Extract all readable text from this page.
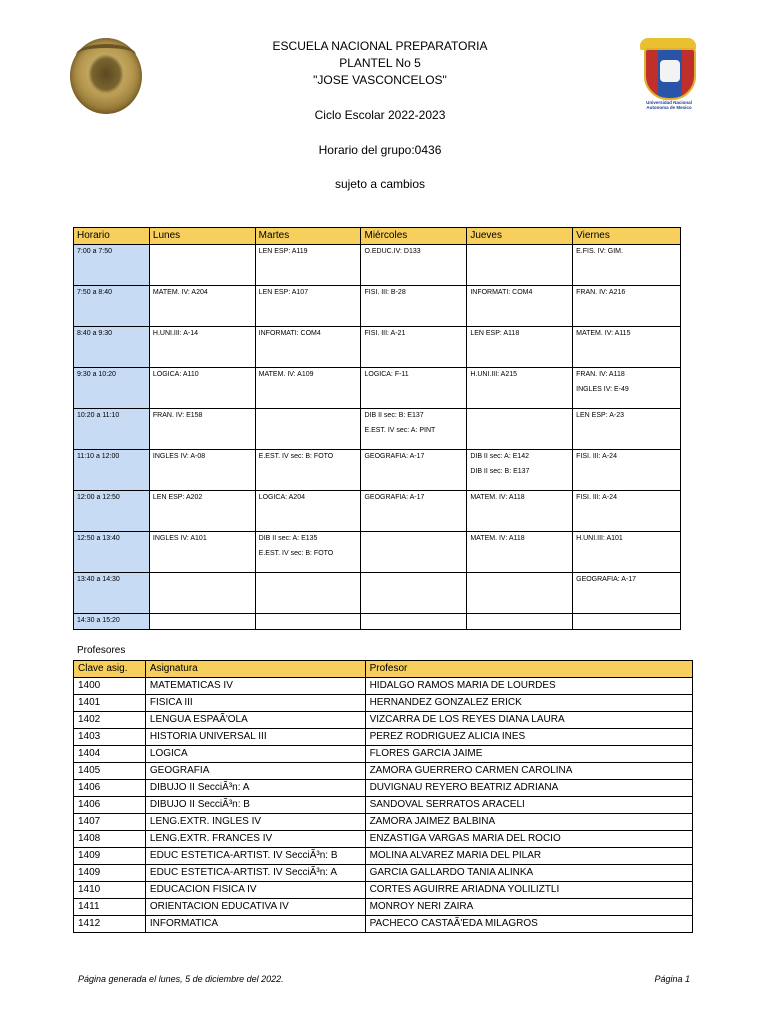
Universidad Nacional Autonoma de Mexico
ESCUELA NACIONAL PREPARATORIA
PLANTEL No 5
"JOSE VASCONCELOS"
Ciclo Escolar 2022-2023
Horario del grupo:0436
sujeto a cambios
Horario	Lunes	Martes	Miércoles	Jueves	Viernes

7:00 a 7:50		LEN ESP: A119	O.EDUC.IV: D133		E.FIS. IV: GIM.

7:50 a 8:40	MATEM. IV: A204	LEN ESP: A107	FISI. III: B-28	INFORMATI: COM4	FRAN. IV: A216

8:40 a 9:30	H.UNI.III: A-14	INFORMATI: COM4	FISI. III: A-21	LEN ESP: A118	MATEM. IV: A115

9:30 a 10:20	LOGICA: A110	MATEM. IV: A109	LOGICA: F-11	H.UNI.III: A215	FRAN. IV: A118
INGLES IV: E-49

10:20 a 11:10	FRAN. IV: E158		DIB II sec: B: E137
E.EST. IV sec: A: PINT		LEN ESP: A-23

11:10 a 12:00	INGLES IV: A-08	E.EST. IV sec: B: FOTO	GEOGRAFIA: A-17	DIB II sec: A: E142
DIB II sec: B: E137	FISI. III: A-24

12:00 a 12:50	LEN ESP: A202	LOGICA: A204	GEOGRAFIA: A-17	MATEM. IV: A118	FISI. III: A-24

12:50 a 13:40	INGLES IV: A101	DIB II sec: A: E135
E.EST. IV sec: B: FOTO		MATEM. IV: A118	H.UNI.III: A101

13:40 a 14:30					GEOGRAFIA: A-17

14:30 a 15:20					

Profesores
Clave asig.	Asignatura	Profesor
1400	MATEMATICAS IV	HIDALGO RAMOS MARIA DE LOURDES
1401	FISICA III	HERNANDEZ GONZALEZ ERICK
1402	LENGUA ESPAÃ'OLA	VIZCARRA DE LOS REYES DIANA LAURA
1403	HISTORIA UNIVERSAL III	PEREZ RODRIGUEZ ALICIA INES
1404	LOGICA	FLORES GARCIA JAIME
1405	GEOGRAFIA	ZAMORA GUERRERO CARMEN CAROLINA
1406	DIBUJO II SecciÃ³n: A	DUVIGNAU REYERO BEATRIZ ADRIANA
1406	DIBUJO II SecciÃ³n: B	SANDOVAL SERRATOS ARACELI
1407	LENG.EXTR. INGLES IV	ZAMORA JAIMEZ BALBINA
1408	LENG.EXTR. FRANCES IV	ENZASTIGA VARGAS MARIA DEL ROCIO
1409	EDUC ESTETICA-ARTIST. IV SecciÃ³n: B	MOLINA ALVAREZ MARIA DEL PILAR
1409	EDUC ESTETICA-ARTIST. IV SecciÃ³n: A	GARCIA GALLARDO TANIA ALINKA
1410	EDUCACION FISICA IV	CORTES AGUIRRE ARIADNA YOLILIZTLI
1411	ORIENTACION EDUCATIVA IV	MONROY NERI ZAIRA
1412	INFORMATICA	PACHECO CASTAÃ'EDA MILAGROS
Página generada el lunes, 5 de diciembre del 2022.	Página 1
